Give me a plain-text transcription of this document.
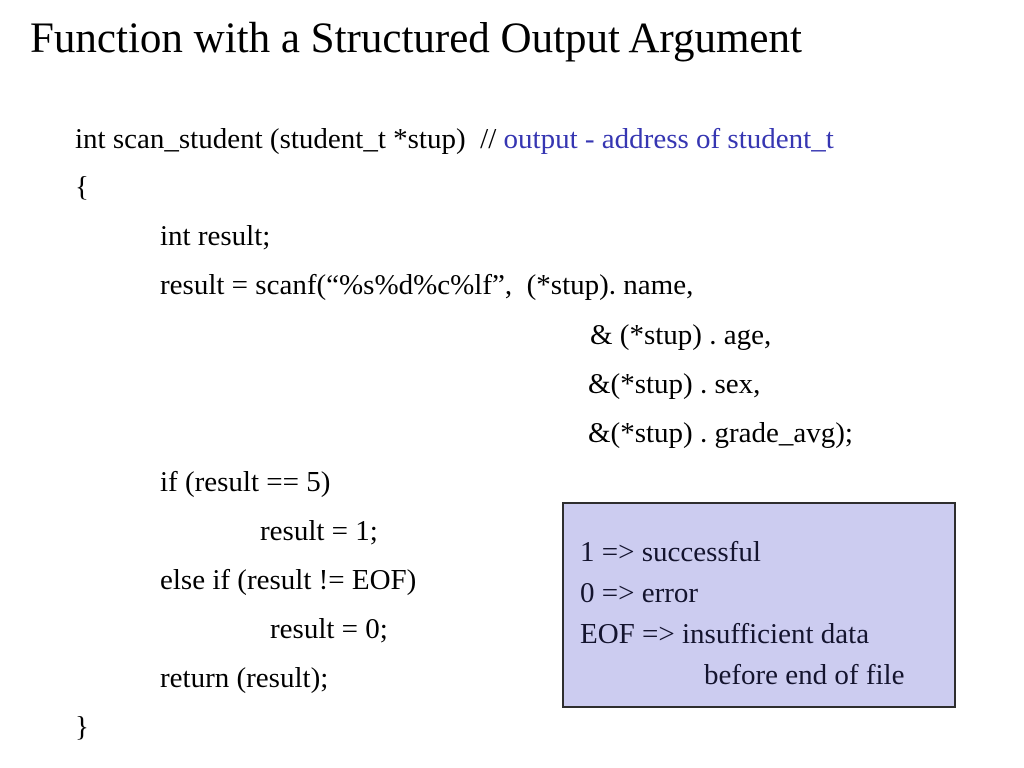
Function with a Structured Output Argument
int scan_student (student_t *stup)  // output - address of student_t
{
int result;
result = scanf(“%s%d%c%lf”,  (*stup). name,
& (*stup) . age,
&(*stup) . sex,
&(*stup) . grade_avg);
if (result == 5)
result = 1;
else if (result != EOF)
result = 0;
return (result);
}

1 => successful

0 => error

EOF => insufficient data

before end of file
